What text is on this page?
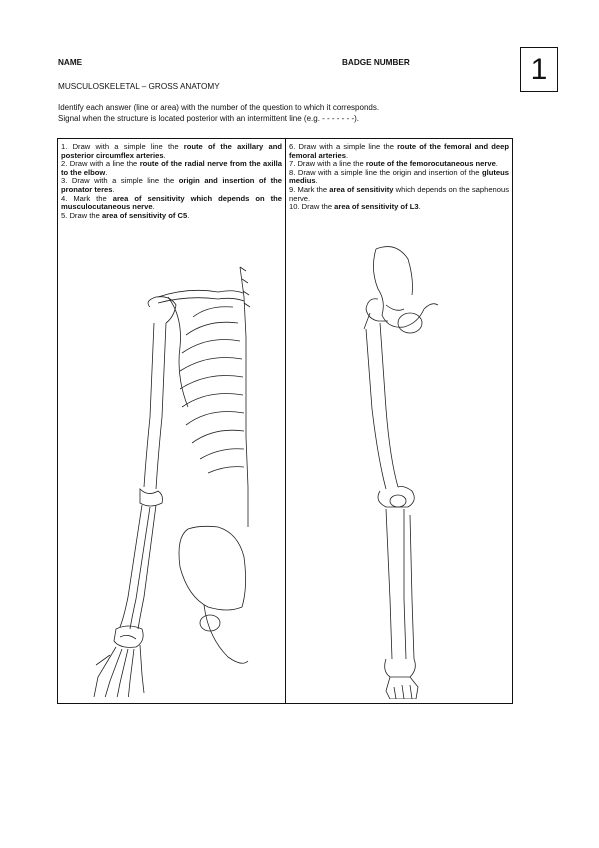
NAME	BADGE NUMBER	1
MUSCULOSKELETAL – GROSS ANATOMY
Identify each answer (line or area) with the number of the question to which it corresponds.
Signal when the structure is located posterior with an intermittent line (e.g. - - - - - - -).
1. Draw with a simple line the route of the axillary and posterior circumflex arteries.
2. Draw with a line the route of the radial nerve from the axilla to the elbow.
3. Draw with a simple line the origin and insertion of the pronator teres.
4. Mark the area of sensitivity which depends on the musculocutaneous nerve.
5. Draw the area of sensitivity of C5.
6. Draw with a simple line the route of the femoral and deep femoral arteries.
7. Draw with a line the route of the femorocutaneous nerve.
8. Draw with a simple line the origin and insertion of the gluteus medius.
9. Mark the area of sensitivity which depends on the saphenous nerve.
10. Draw the area of sensitivity of L3.
